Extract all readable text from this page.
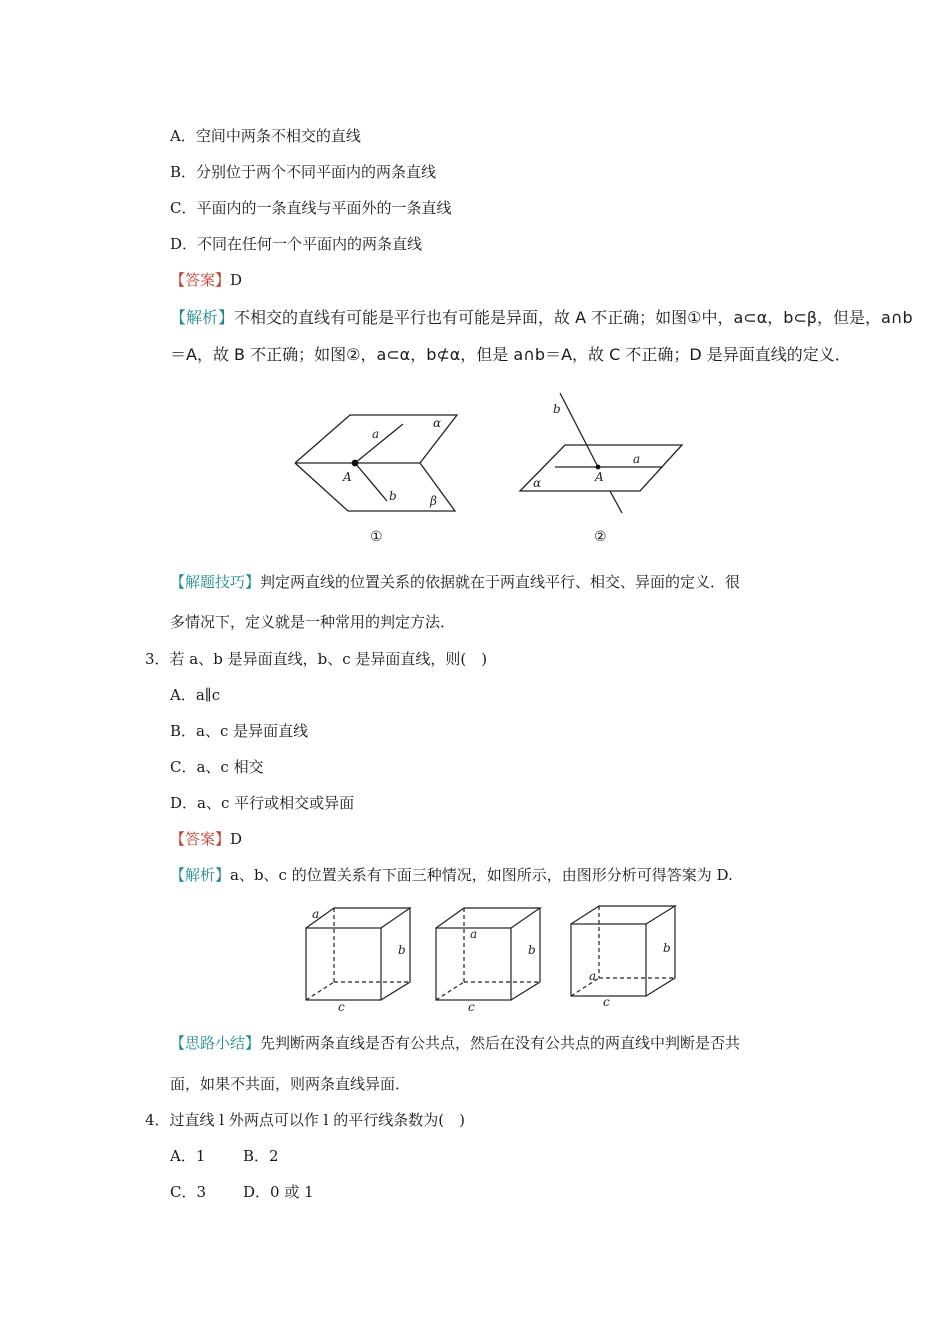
A．空间中两条不相交的直线
B．分别位于两个不同平面内的两条直线
C．平面内的一条直线与平面外的一条直线
D．不同在任何一个平面内的两条直线
【答案】D
【解析】不相交的直线有可能是平行也有可能是异面，故 A 不正确；如图①中，a⊂α，b⊂β，但是，a∩b
＝A，故 B 不正确；如图②，a⊂α，b⊄α，但是 a∩b＝A，故 C 不正确；D 是异面直线的定义．
a
α
A
b	β
①
b
a
α	A
②
【解题技巧】判定两直线的位置关系的依据就在于两直线平行、相交、异面的定义．很
多情况下，定义就是一种常用的判定方法．
3．若 a、b 是异面直线，b、c 是异面直线，则(　)
A．a∥c
B．a、c 是异面直线
C．a、c 相交
D．a、c 平行或相交或异面
【答案】D
【解析】a、b、c 的位置关系有下面三种情况，如图所示，由图形分析可得答案为 D.
a
b
c
a
b
c
b
a
c
【思路小结】先判断两条直线是否有公共点，然后在没有公共点的两直线中判断是否共
面，如果不共面，则两条直线异面．
4．过直线 l 外两点可以作 l 的平行线条数为(　)
A．1	B．2
C．3 D．0 或 1
